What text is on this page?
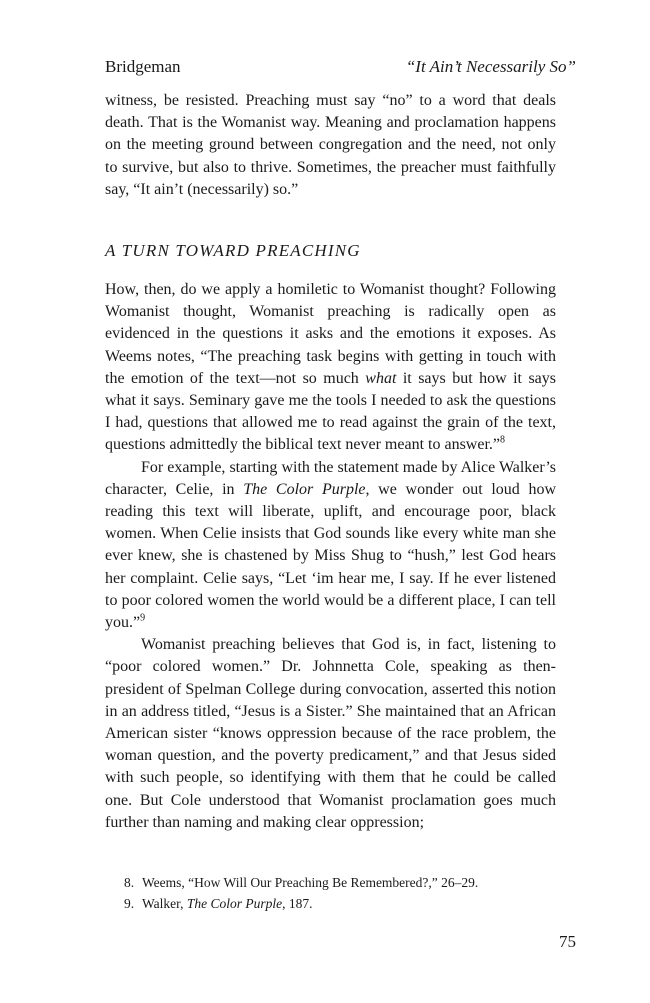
Bridgeman	“It Ain’t Necessarily So”

witness, be resisted. Preaching must say “no” to a word that deals death. That is the Womanist way. Meaning and proclamation happens on the meeting ground between congregation and the need, not only to survive, but also to thrive. Sometimes, the preacher must faithfully say, “It ain’t (necessarily) so.”

A TURN TOWARD PREACHING

How, then, do we apply a homiletic to Womanist thought? Following Womanist thought, Womanist preaching is radically open as evidenced in the questions it asks and the emotions it exposes. As Weems notes, “The preaching task begins with getting in touch with the emotion of the text—not so much what it says but how it says what it says. Seminary gave me the tools I needed to ask the questions I had, questions that allowed me to read against the grain of the text, questions admittedly the biblical text never meant to answer.”$^8$

For example, starting with the statement made by Alice Walker’s character, Celie, in The Color Purple, we wonder out loud how reading this text will liberate, uplift, and encourage poor, black women. When Celie insists that God sounds like every white man she ever knew, she is chastened by Miss Shug to “hush,” lest God hears her complaint. Celie says, “Let ‘im hear me, I say. If he ever listened to poor colored women the world would be a different place, I can tell you.”$^9$

Womanist preaching believes that God is, in fact, listening to “poor colored women.” Dr. Johnnetta Cole, speaking as then-president of Spelman College during convocation, asserted this notion in an address titled, “Jesus is a Sister.” She maintained that an African American sister “knows oppression because of the race problem, the woman question, and the poverty predicament,” and that Jesus sided with such people, so identifying with them that he could be called one. But Cole understood that Womanist proclamation goes much further than naming and making clear oppression;

8. Weems, “How Will Our Preaching Be Remembered?,” 26–29.
9. Walker, The Color Purple, 187.
75
